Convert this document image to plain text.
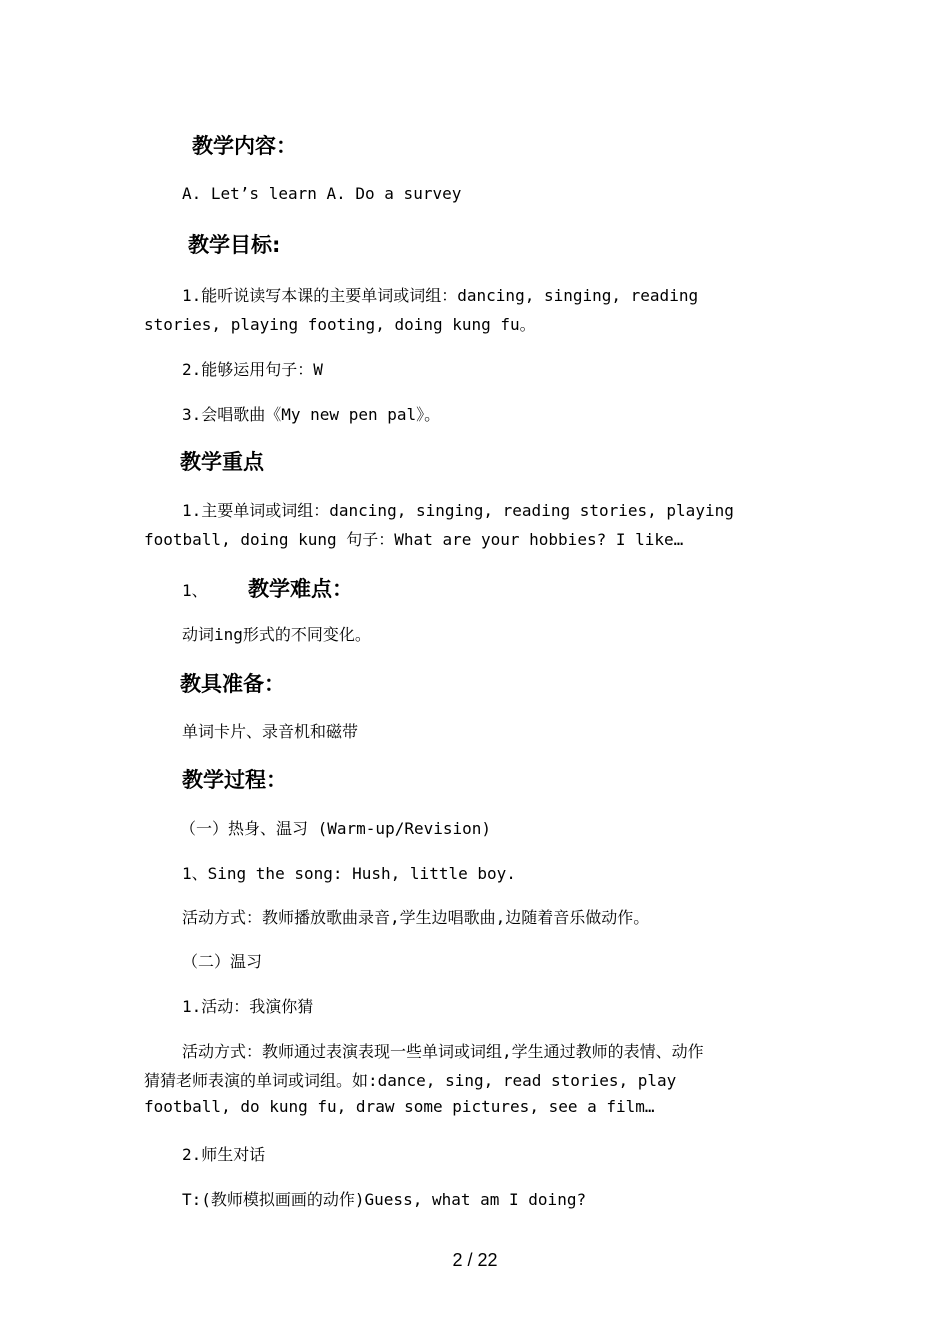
教学内容：
A. Let’s learn A. Do a survey
教学目标:
1.能听说读写本课的主要单词或词组：dancing, singing, reading
stories, playing footing, doing kung fu。
2.能够运用句子：W
3.会唱歌曲《My new pen pal》。
教学重点
1.主要单词或词组：dancing, singing, reading stories, playing
football, doing kung 句子：What are your hobbies? I like…
1、 教学难点：
动词ing形式的不同变化。
教具准备：
单词卡片、录音机和磁带
教学过程：
（一）热身、温习 (Warm-up/Revision)
1、Sing the song: Hush, little boy.
活动方式：教师播放歌曲录音,学生边唱歌曲,边随着音乐做动作。
（二）温习
1.活动：我演你猜
活动方式：教师通过表演表现一些单词或词组,学生通过教师的表情、动作
猜猜老师表演的单词或词组。如:dance, sing, read stories, play
football, do kung fu, draw some pictures, see a film…
2.师生对话
T:(教师模拟画画的动作)Guess, what am I doing?
2 / 22
